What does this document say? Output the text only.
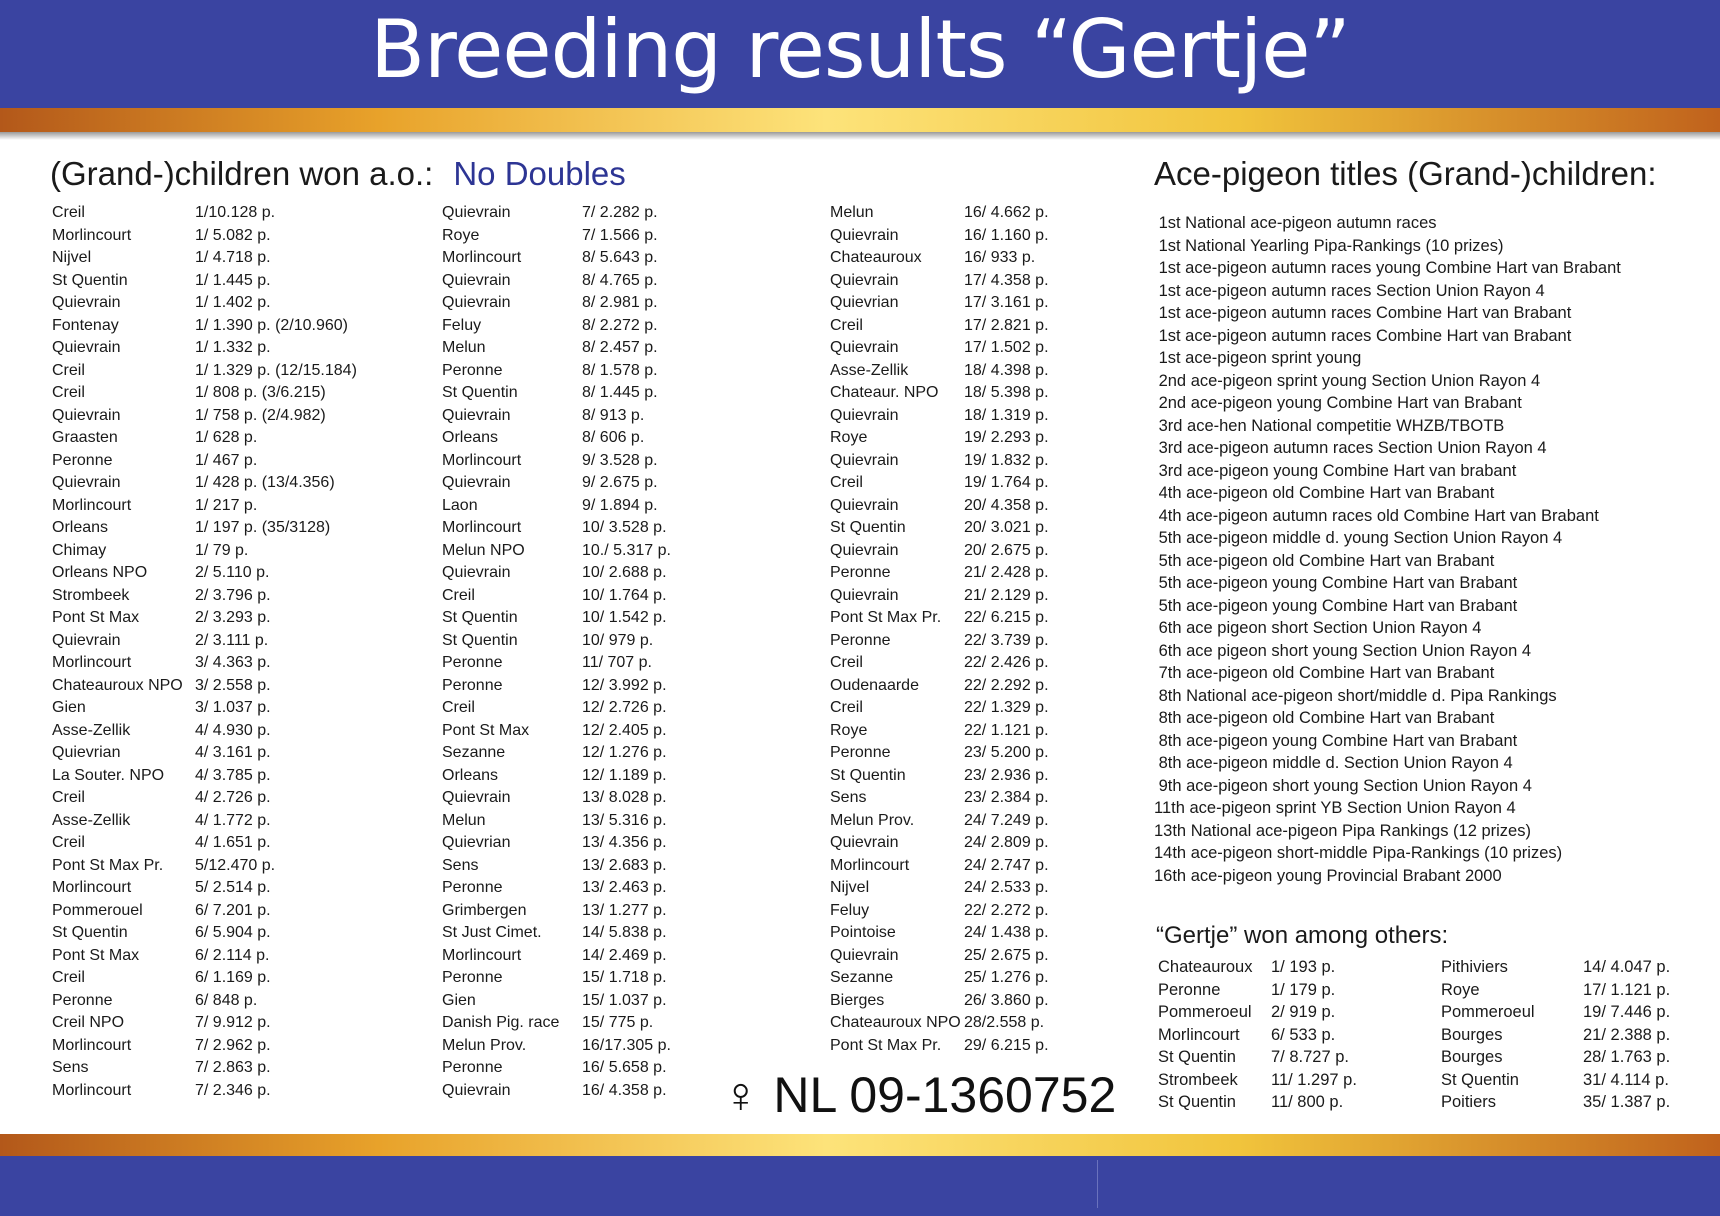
Breeding results “Gertje”
(Grand-)children won a.o.: No Doubles
Creil	1/10.128 p.
Morlincourt	1/ 5.082 p.
Nijvel	1/ 4.718 p.
St Quentin	1/ 1.445 p.
Quievrain	1/ 1.402 p.
Fontenay	1/ 1.390 p. (2/10.960)
Quievrain	1/ 1.332 p.
Creil	1/ 1.329 p. (12/15.184)
Creil	1/ 808 p. (3/6.215)
Quievrain	1/ 758 p. (2/4.982)
Graasten	1/ 628 p.
Peronne	1/ 467 p.
Quievrain	1/ 428 p. (13/4.356)
Morlincourt	1/ 217 p.
Orleans	1/ 197 p. (35/3128)
Chimay	1/ 79 p.
Orleans NPO	2/ 5.110 p.
Strombeek	2/ 3.796 p.
Pont St Max	2/ 3.293 p.
Quievrain	2/ 3.111 p.
Morlincourt	3/ 4.363 p.
Chateauroux NPO 3/ 2.558 p.
Gien	3/ 1.037 p.
Asse-Zellik	4/ 4.930 p.
Quievrian	4/ 3.161 p.
La Souter. NPO 4/ 3.785 p.
Creil	4/ 2.726 p.
Asse-Zellik	4/ 1.772 p.
Creil	4/ 1.651 p.
Pont St Max Pr. 5/12.470 p.
Morlincourt	5/ 2.514 p.
Pommerouel	6/ 7.201 p.
St Quentin	6/ 5.904 p.
Pont St Max	6/ 2.114 p.
Creil	6/ 1.169 p.
Peronne	6/ 848 p.
Creil NPO	7/ 9.912 p.
Morlincourt	7/ 2.962 p.
Sens	7/ 2.863 p.
Morlincourt	7/ 2.346 p.
Quievrain	7/ 2.282 p.
Roye	7/ 1.566 p.
Morlincourt	8/ 5.643 p.
Quievrain	8/ 4.765 p.
Quievrain	8/ 2.981 p.
Feluy	8/ 2.272 p.
Melun	8/ 2.457 p.
Peronne	8/ 1.578 p.
St Quentin	8/ 1.445 p.
Quievrain	8/ 913 p.
Orleans	8/ 606 p.
Morlincourt	9/ 3.528 p.
Quievrain	9/ 2.675 p.
Laon	9/ 1.894 p.
Morlincourt	10/ 3.528 p.
Melun NPO	10./ 5.317 p.
Quievrain	10/ 2.688 p.
Creil	10/ 1.764 p.
St Quentin	10/ 1.542 p.
St Quentin	10/ 979 p.
Peronne	11/ 707 p.
Peronne	12/ 3.992 p.
Creil	12/ 2.726 p.
Pont St Max	12/ 2.405 p.
Sezanne	12/ 1.276 p.
Orleans	12/ 1.189 p.
Quievrain	13/ 8.028 p.
Melun	13/ 5.316 p.
Quievrian	13/ 4.356 p.
Sens	13/ 2.683 p.
Peronne	13/ 2.463 p.
Grimbergen	13/ 1.277 p.
St Just Cimet.	14/ 5.838 p.
Morlincourt	14/ 2.469 p.
Peronne	15/ 1.718 p.
Gien	15/ 1.037 p.
Danish Pig. race 15/ 775 p.
Melun Prov.	16/17.305 p.
Peronne	16/ 5.658 p.
Quievrain	16/ 4.358 p.
Melun	16/ 4.662 p.
Quievrain	16/ 1.160 p.
Chateauroux	16/ 933 p.
Quievrain	17/ 4.358 p.
Quievrian	17/ 3.161 p.
Creil	17/ 2.821 p.
Quievrain	17/ 1.502 p.
Asse-Zellik	18/ 4.398 p.
Chateaur. NPO 18/ 5.398 p.
Quievrain	18/ 1.319 p.
Roye	19/ 2.293 p.
Quievrain	19/ 1.832 p.
Creil	19/ 1.764 p.
Quievrain	20/ 4.358 p.
St Quentin	20/ 3.021 p.
Quievrain	20/ 2.675 p.
Peronne	21/ 2.428 p.
Quievrain	21/ 2.129 p.
Pont St Max Pr. 22/ 6.215 p.
Peronne	22/ 3.739 p.
Creil	22/ 2.426 p.
Oudenaarde	22/ 2.292 p.
Creil	22/ 1.329 p.
Roye	22/ 1.121 p.
Peronne	23/ 5.200 p.
St Quentin	23/ 2.936 p.
Sens	23/ 2.384 p.
Melun Prov.	24/ 7.249 p.
Quievrain	24/ 2.809 p.
Morlincourt	24/ 2.747 p.
Nijvel	24/ 2.533 p.
Feluy	22/ 2.272 p.
Pointoise	24/ 1.438 p.
Quievrain	25/ 2.675 p.
Sezanne	25/ 1.276 p.
Bierges	26/ 3.860 p.
Chateauroux NPO 28/2.558 p.
Pont St Max Pr. 29/ 6.215 p.
♀ NL 09-1360752
Ace-pigeon titles (Grand-)children:
1st National ace-pigeon autumn races
1st National Yearling Pipa-Rankings (10 prizes)
1st ace-pigeon autumn races young Combine Hart van Brabant
1st ace-pigeon autumn races Section Union Rayon 4
1st ace-pigeon autumn races Combine Hart van Brabant
1st ace-pigeon autumn races Combine Hart van Brabant
1st ace-pigeon sprint young
2nd ace-pigeon sprint young Section Union Rayon 4
2nd ace-pigeon young Combine Hart van Brabant
3rd ace-hen National competitie WHZB/TBOTB
3rd ace-pigeon autumn races Section Union Rayon 4
3rd ace-pigeon young Combine Hart van brabant
4th ace-pigeon old Combine Hart van Brabant
4th ace-pigeon autumn races old Combine Hart van Brabant
5th ace-pigeon middle d. young Section Union Rayon 4
5th ace-pigeon old Combine Hart van Brabant
5th ace-pigeon young Combine Hart van Brabant
5th ace-pigeon young Combine Hart van Brabant
6th ace pigeon short Section Union Rayon 4
6th ace pigeon short young Section Union Rayon 4
7th ace-pigeon old Combine Hart van Brabant
8th National ace-pigeon short/middle d. Pipa Rankings
8th ace-pigeon old Combine Hart van Brabant
8th ace-pigeon young Combine Hart van Brabant
8th ace-pigeon middle d. Section Union Rayon 4
9th ace-pigeon short young Section Union Rayon 4
11th ace-pigeon sprint YB Section Union Rayon 4
13th National ace-pigeon Pipa Rankings (12 prizes)
14th ace-pigeon short-middle Pipa-Rankings (10 prizes)
16th ace-pigeon young Provincial Brabant 2000
“Gertje” won among others:
Chateauroux 1/ 193 p.
Peronne	1/ 179 p.
Pommeroeul 2/ 919 p.
Morlincourt 6/ 533 p.
St Quentin 7/ 8.727 p.
Strombeek 11/ 1.297 p.
St Quentin 11/ 800 p.
Pithiviers	14/ 4.047 p.
Roye	17/ 1.121 p.
Pommeroeul	19/ 7.446 p.
Bourges	21/ 2.388 p.
Bourges	28/ 1.763 p.
St Quentin	31/ 4.114 p.
Poitiers	35/ 1.387 p.
